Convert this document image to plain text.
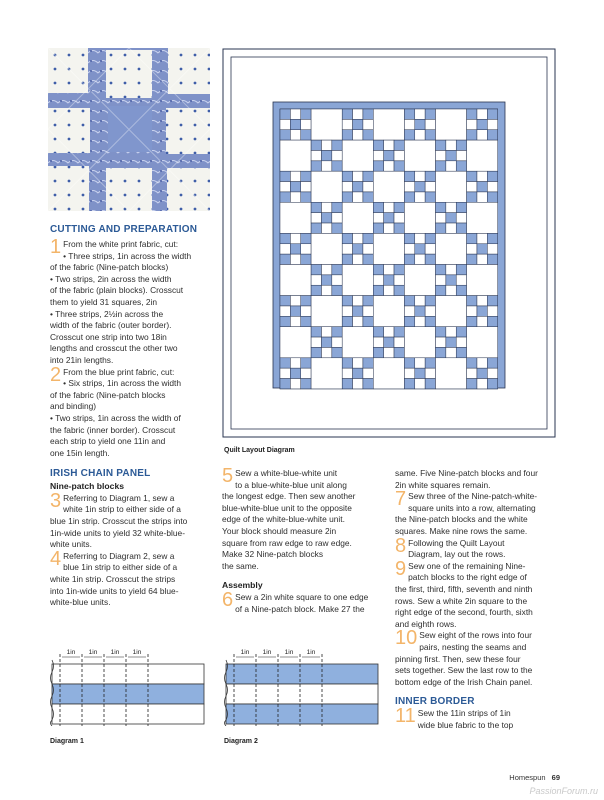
Quilt Layout Diagram

CUTTING AND PREPARATION

1 From the white print fabric, cut:
• Three strips, 1in across the width
of the fabric (Nine-patch blocks)
• Two strips, 2in across the width
of the fabric (plain blocks). Crosscut
them to yield 31 squares, 2in
• Three strips, 2½in across the
width of the fabric (outer border).
Crosscut one strip into two 18in
lengths and crosscut the other two
into 21in lengths.
2 From the blue print fabric, cut:
• Six strips, 1in across the width
of the fabric (Nine-patch blocks
and binding)
• Two strips, 1in across the width of
the fabric (inner border). Crosscut
each strip to yield one 11in and
one 15in length.

IRISH CHAIN PANEL

Nine-patch blocks

3 Referring to Diagram 1, sew a
white 1in strip to either side of a
blue 1in strip. Crosscut the strips into
1in-wide units to yield 32 white-blue-
white units.
4 Referring to Diagram 2, sew a
blue 1in strip to either side of a
white 1in strip. Crosscut the strips
into 1in-wide units to yield 64 blue-
white-blue units.
5 Sew a white-blue-white unit
to a blue-white-blue unit along
the longest edge. Then sew another
blue-white-blue unit to the opposite
edge of the white-blue-white unit.
Your block should measure 2in
square from raw edge to raw edge.
Make 32 Nine-patch blocks
the same.

Assembly

6 Sew a 2in white square to one edge
of a Nine-patch block. Make 27 the
same. Five Nine-patch blocks and four
2in white squares remain.
7 Sew three of the Nine-patch-white-
square units into a row, alternating
the Nine-patch blocks and the white
squares. Make nine rows the same.
8 Following the Quilt Layout
Diagram, lay out the rows.
9 Sew one of the remaining Nine-
patch blocks to the right edge of
the first, third, fifth, seventh and ninth
rows. Sew a white 2in square to the
right edge of the second, fourth, sixth
and eighth rows.
10 Sew eight of the rows into four
pairs, nesting the seams and
pinning first. Then, sew these four
sets together. Sew the last row to the
bottom edge of the Irish Chain panel.

INNER BORDER

11 Sew the 11in strips of 1in
wide blue fabric to the top
1in 1in 1in 1in
Diagram 1
1in 1in 1in 1in
Diagram 2
Homespun 69
PassionForum.ru
